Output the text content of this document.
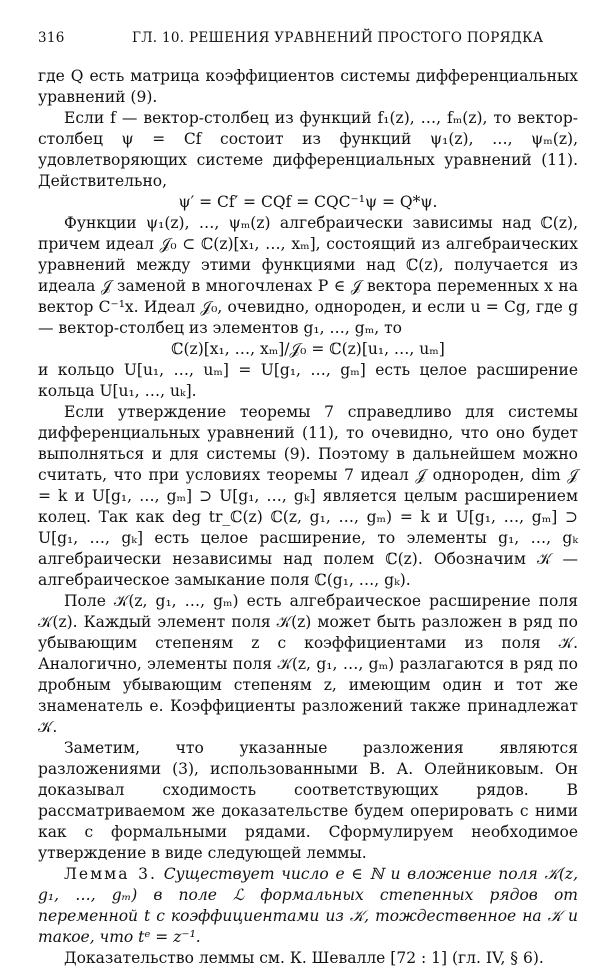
316	ГЛ. 10. РЕШЕНИЯ УРАВНЕНИЙ ПРОСТОГО ПОРЯДКА

где Q есть матрица коэффициентов системы дифференциальных уравнений (9).

Если f — вектор-столбец из функций f₁(z), …, fₘ(z), то вектор-столбец ψ = Cf состоит из функций ψ₁(z), …, ψₘ(z), удовлетворяющих системе дифференциальных уравнений (11). Действительно,

ψ′ = Cf′ = CQf = CQC⁻¹ψ = Q*ψ.

Функции ψ₁(z), …, ψₘ(z) алгебраически зависимы над ℂ(z), причем идеал 𝒥₀ ⊂ ℂ(z)[x₁, …, xₘ], состоящий из алгебраических уравнений между этими функциями над ℂ(z), получается из идеала 𝒥 заменой в многочленах P ∈ 𝒥 вектора переменных x на вектор C⁻¹x. Идеал 𝒥₀, очевидно, однороден, и если u = Cg, где g — вектор-столбец из элементов g₁, …, gₘ, то

ℂ(z)[x₁, …, xₘ]/𝒥₀ = ℂ(z)[u₁, …, uₘ]

и кольцо U[u₁, …, uₘ] = U[g₁, …, gₘ] есть целое расширение кольца U[u₁, …, uₖ].

Если утверждение теоремы 7 справедливо для системы дифференциальных уравнений (11), то очевидно, что оно будет выполняться и для системы (9). Поэтому в дальнейшем можно считать, что при условиях теоремы 7 идеал 𝒥 однороден, dim 𝒥 = k и U[g₁, …, gₘ] ⊃ U[g₁, …, gₖ] является целым расширением колец. Так как deg tr_ℂ(z) ℂ(z, g₁, …, gₘ) = k и U[g₁, …, gₘ] ⊃ U[g₁, …, gₖ] есть целое расширение, то элементы g₁, …, gₖ алгебраически независимы над полем ℂ(z). Обозначим 𝒦 — алгебраическое замыкание поля ℂ(g₁, …, gₖ).

Поле 𝒦(z, g₁, …, gₘ) есть алгебраическое расширение поля 𝒦(z). Каждый элемент поля 𝒦(z) может быть разложен в ряд по убывающим степеням z с коэффициентами из поля 𝒦. Аналогично, элементы поля 𝒦(z, g₁, …, gₘ) разлагаются в ряд по дробным убывающим степеням z, имеющим один и тот же знаменатель e. Коэффициенты разложений также принадлежат 𝒦.

Заметим, что указанные разложения являются разложениями (3), использованными В. А. Олейниковым. Он доказывал сходимость соответствующих рядов. В рассматриваемом же доказательстве будем оперировать с ними как с формальными рядами. Сформулируем необходимое утверждение в виде следующей леммы.

Лемма 3. Существует число e ∈ ℕ и вложение поля 𝒦(z, g₁, …, gₘ) в поле ℒ формальных степенных рядов от переменной t с коэффициентами из 𝒦, тождественное на 𝒦 и такое, что tᵉ = z⁻¹.

Доказательство леммы см. К. Шевалле [72 : 1] (гл. IV, § 6).
